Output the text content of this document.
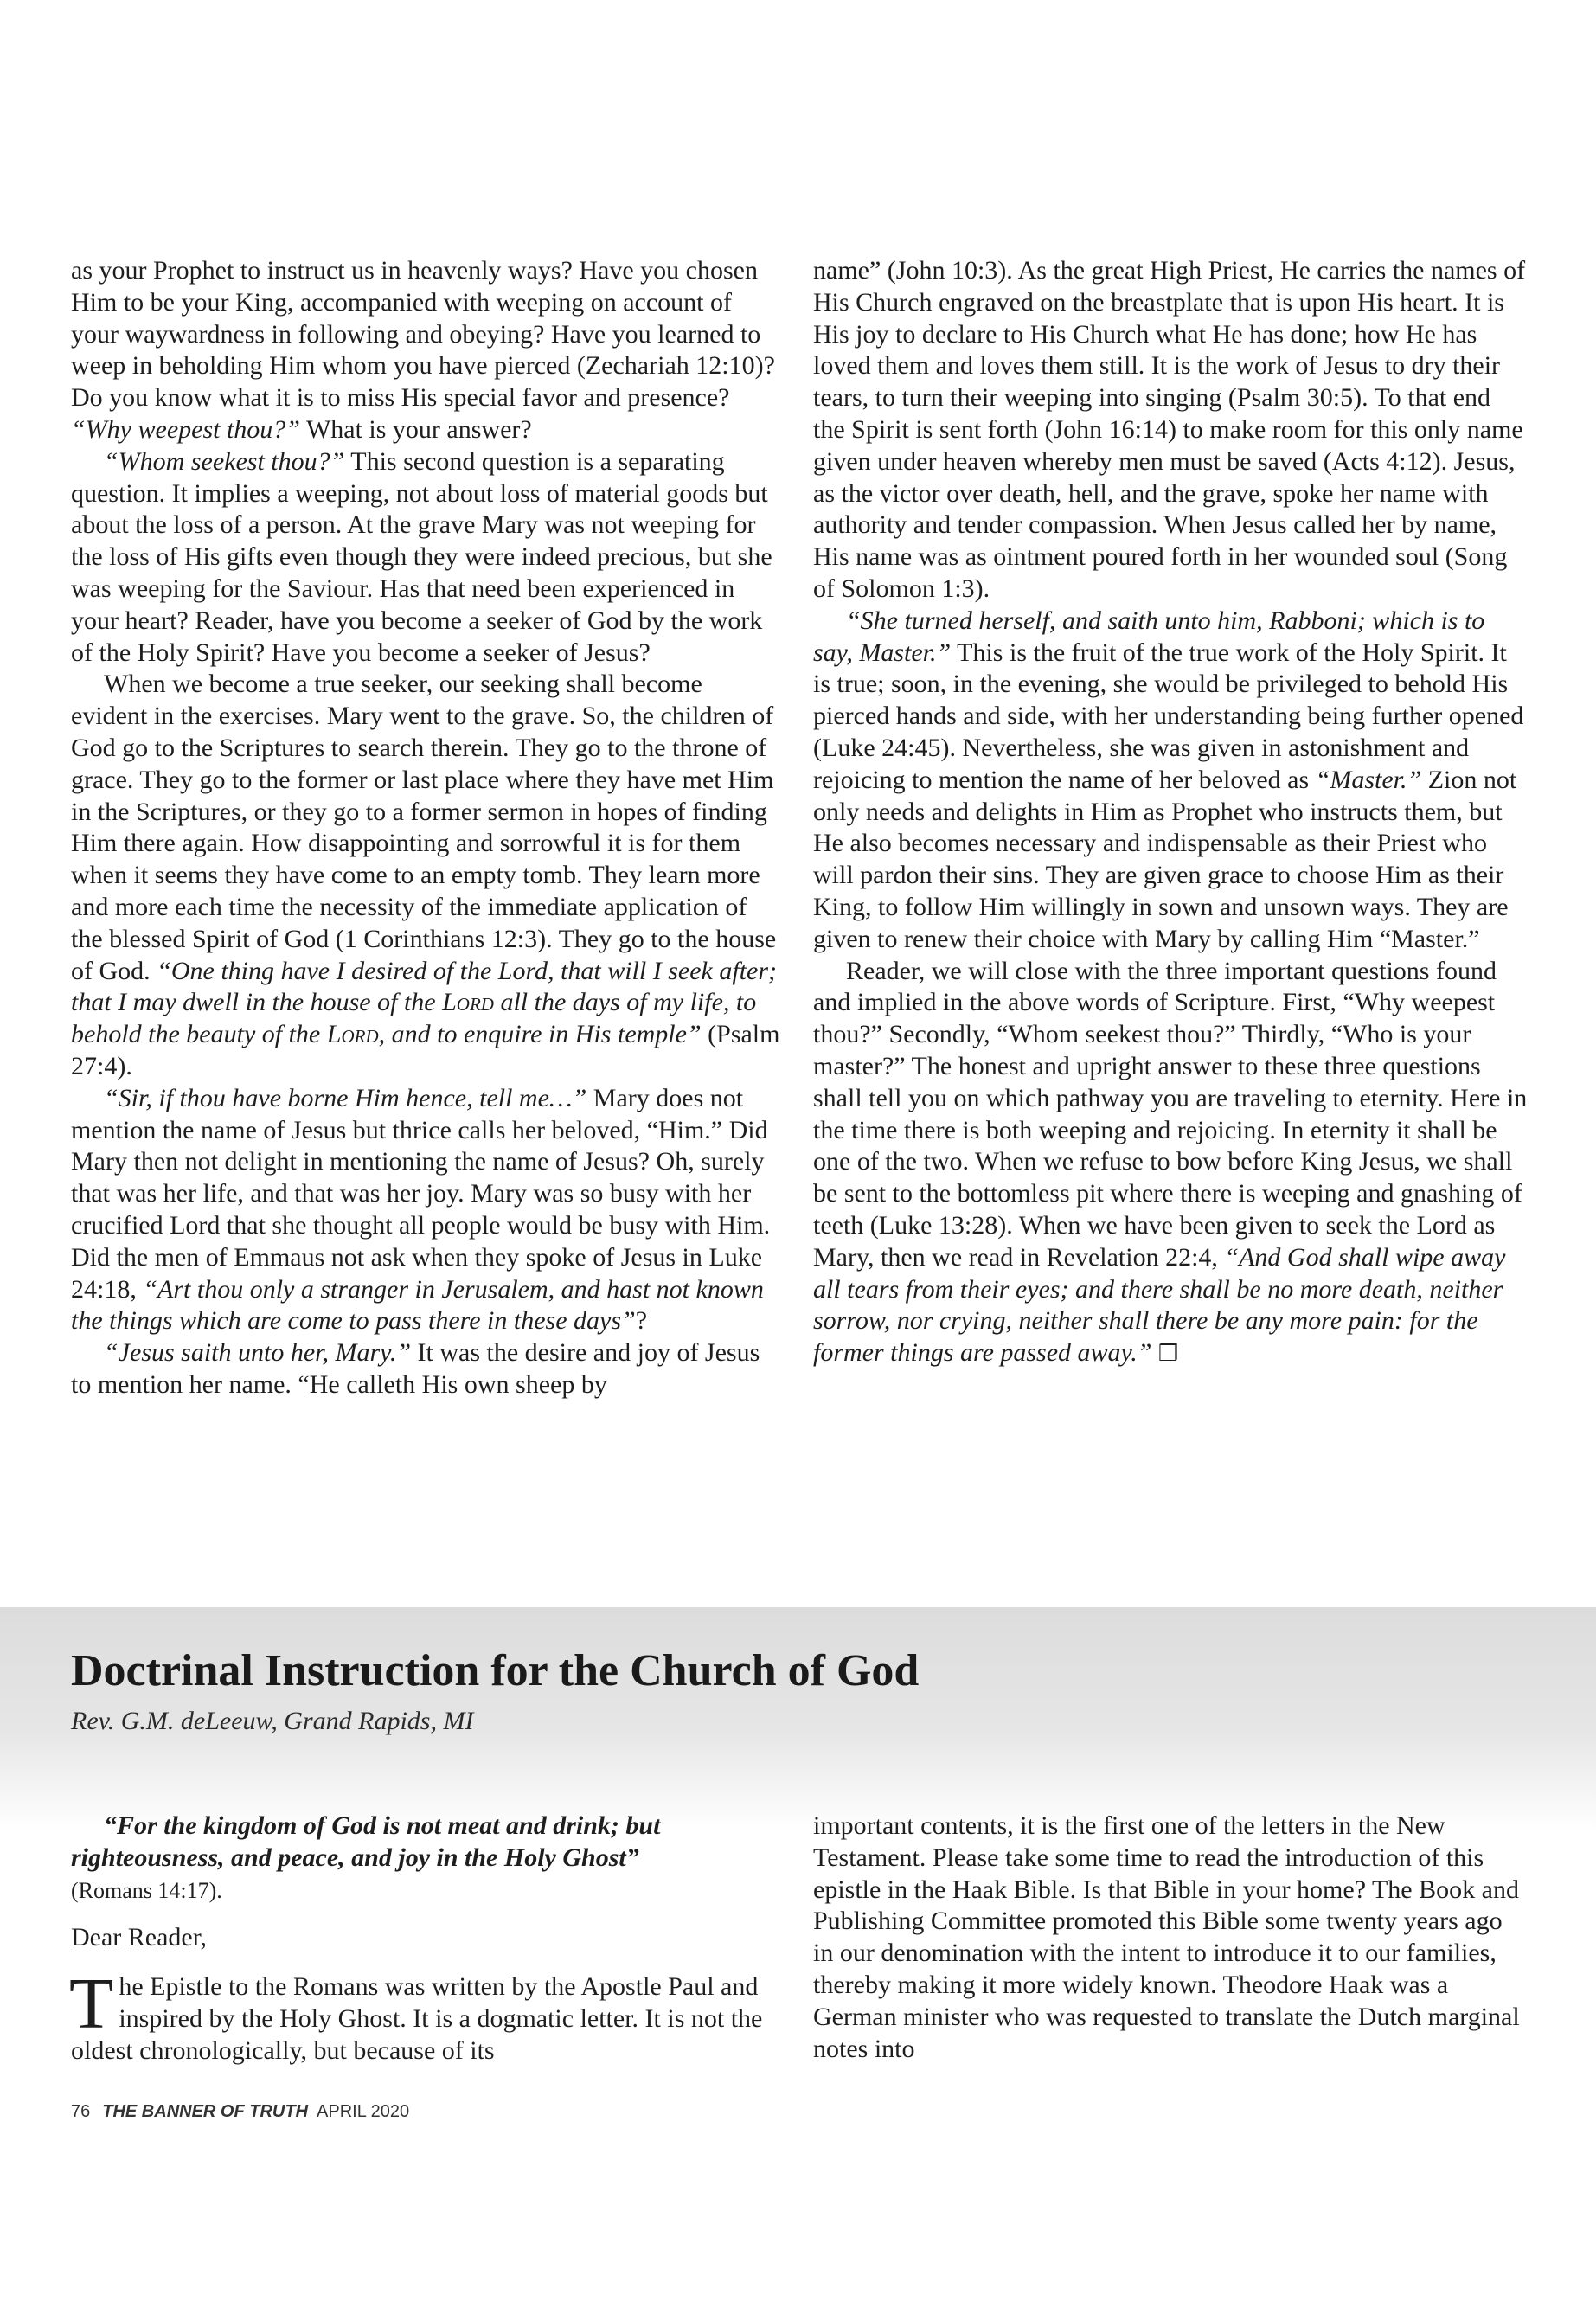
as your Prophet to instruct us in heavenly ways? Have you chosen Him to be your King, accompanied with weeping on account of your waywardness in following and obeying? Have you learned to weep in beholding Him whom you have pierced (Zechariah 12:10)? Do you know what it is to miss His special favor and presence? “Why weepest thou?” What is your answer?

“Whom seekest thou?” This second question is a separating question. It implies a weeping, not about loss of material goods but about the loss of a person. At the grave Mary was not weeping for the loss of His gifts even though they were indeed precious, but she was weeping for the Saviour. Has that need been experienced in your heart? Reader, have you become a seeker of God by the work of the Holy Spirit? Have you become a seeker of Jesus?

When we become a true seeker, our seeking shall become evident in the exercises. Mary went to the grave. So, the children of God go to the Scriptures to search therein. They go to the throne of grace. They go to the former or last place where they have met Him in the Scriptures, or they go to a former sermon in hopes of finding Him there again. How disappointing and sorrowful it is for them when it seems they have come to an empty tomb. They learn more and more each time the necessity of the immediate application of the blessed Spirit of God (1 Corinthians 12:3). They go to the house of God. “One thing have I desired of the Lord, that will I seek after; that I may dwell in the house of the Lord all the days of my life, to behold the beauty of the Lord, and to enquire in His temple” (Psalm 27:4).

“Sir, if thou have borne Him hence, tell me…” Mary does not mention the name of Jesus but thrice calls her beloved, “Him.” Did Mary then not delight in mentioning the name of Jesus? Oh, surely that was her life, and that was her joy. Mary was so busy with her crucified Lord that she thought all people would be busy with Him. Did the men of Emmaus not ask when they spoke of Jesus in Luke 24:18, “Art thou only a stranger in Jerusalem, and hast not known the things which are come to pass there in these days”?

“Jesus saith unto her, Mary.” It was the desire and joy of Jesus to mention her name. “He calleth His own sheep by

name” (John 10:3). As the great High Priest, He carries the names of His Church engraved on the breastplate that is upon His heart. It is His joy to declare to His Church what He has done; how He has loved them and loves them still. It is the work of Jesus to dry their tears, to turn their weeping into singing (Psalm 30:5). To that end the Spirit is sent forth (John 16:14) to make room for this only name given under heaven whereby men must be saved (Acts 4:12). Jesus, as the victor over death, hell, and the grave, spoke her name with authority and tender compassion. When Jesus called her by name, His name was as ointment poured forth in her wounded soul (Song of Solomon 1:3).

“She turned herself, and saith unto him, Rabboni; which is to say, Master.” This is the fruit of the true work of the Holy Spirit. It is true; soon, in the evening, she would be privileged to behold His pierced hands and side, with her understanding being further opened (Luke 24:45). Nevertheless, she was given in astonishment and rejoicing to mention the name of her beloved as “Master.” Zion not only needs and delights in Him as Prophet who instructs them, but He also becomes necessary and indispensable as their Priest who will pardon their sins. They are given grace to choose Him as their King, to follow Him willingly in sown and unsown ways. They are given to renew their choice with Mary by calling Him “Master.”

Reader, we will close with the three important questions found and implied in the above words of Scripture. First, “Why weepest thou?” Secondly, “Whom seekest thou?” Thirdly, “Who is your master?” The honest and upright answer to these three questions shall tell you on which pathway you are traveling to eternity. Here in the time there is both weeping and rejoicing. In eternity it shall be one of the two. When we refuse to bow before King Jesus, we shall be sent to the bottomless pit where there is weeping and gnashing of teeth (Luke 13:28). When we have been given to seek the Lord as Mary, then we read in Revelation 22:4, “And God shall wipe away all tears from their eyes; and there shall be no more death, neither sorrow, nor crying, neither shall there be any more pain: for the former things are passed away.” ❒

Doctrinal Instruction for the Church of God
Rev. G.M. deLeeuw, Grand Rapids, MI

“For the kingdom of God is not meat and drink; but righteousness, and peace, and joy in the Holy Ghost”
(Romans 14:17).

Dear Reader,

The Epistle to the Romans was written by the Apostle Paul and inspired by the Holy Ghost. It is a dogmatic letter. It is not the oldest chronologically, but because of its

important contents, it is the first one of the letters in the New Testament. Please take some time to read the introduction of this epistle in the Haak Bible. Is that Bible in your home? The Book and Publishing Committee promoted this Bible some twenty years ago in our denomination with the intent to introduce it to our families, thereby making it more widely known. Theodore Haak was a German minister who was requested to translate the Dutch marginal notes into

76 THE BANNER OF TRUTH APRIL 2020
